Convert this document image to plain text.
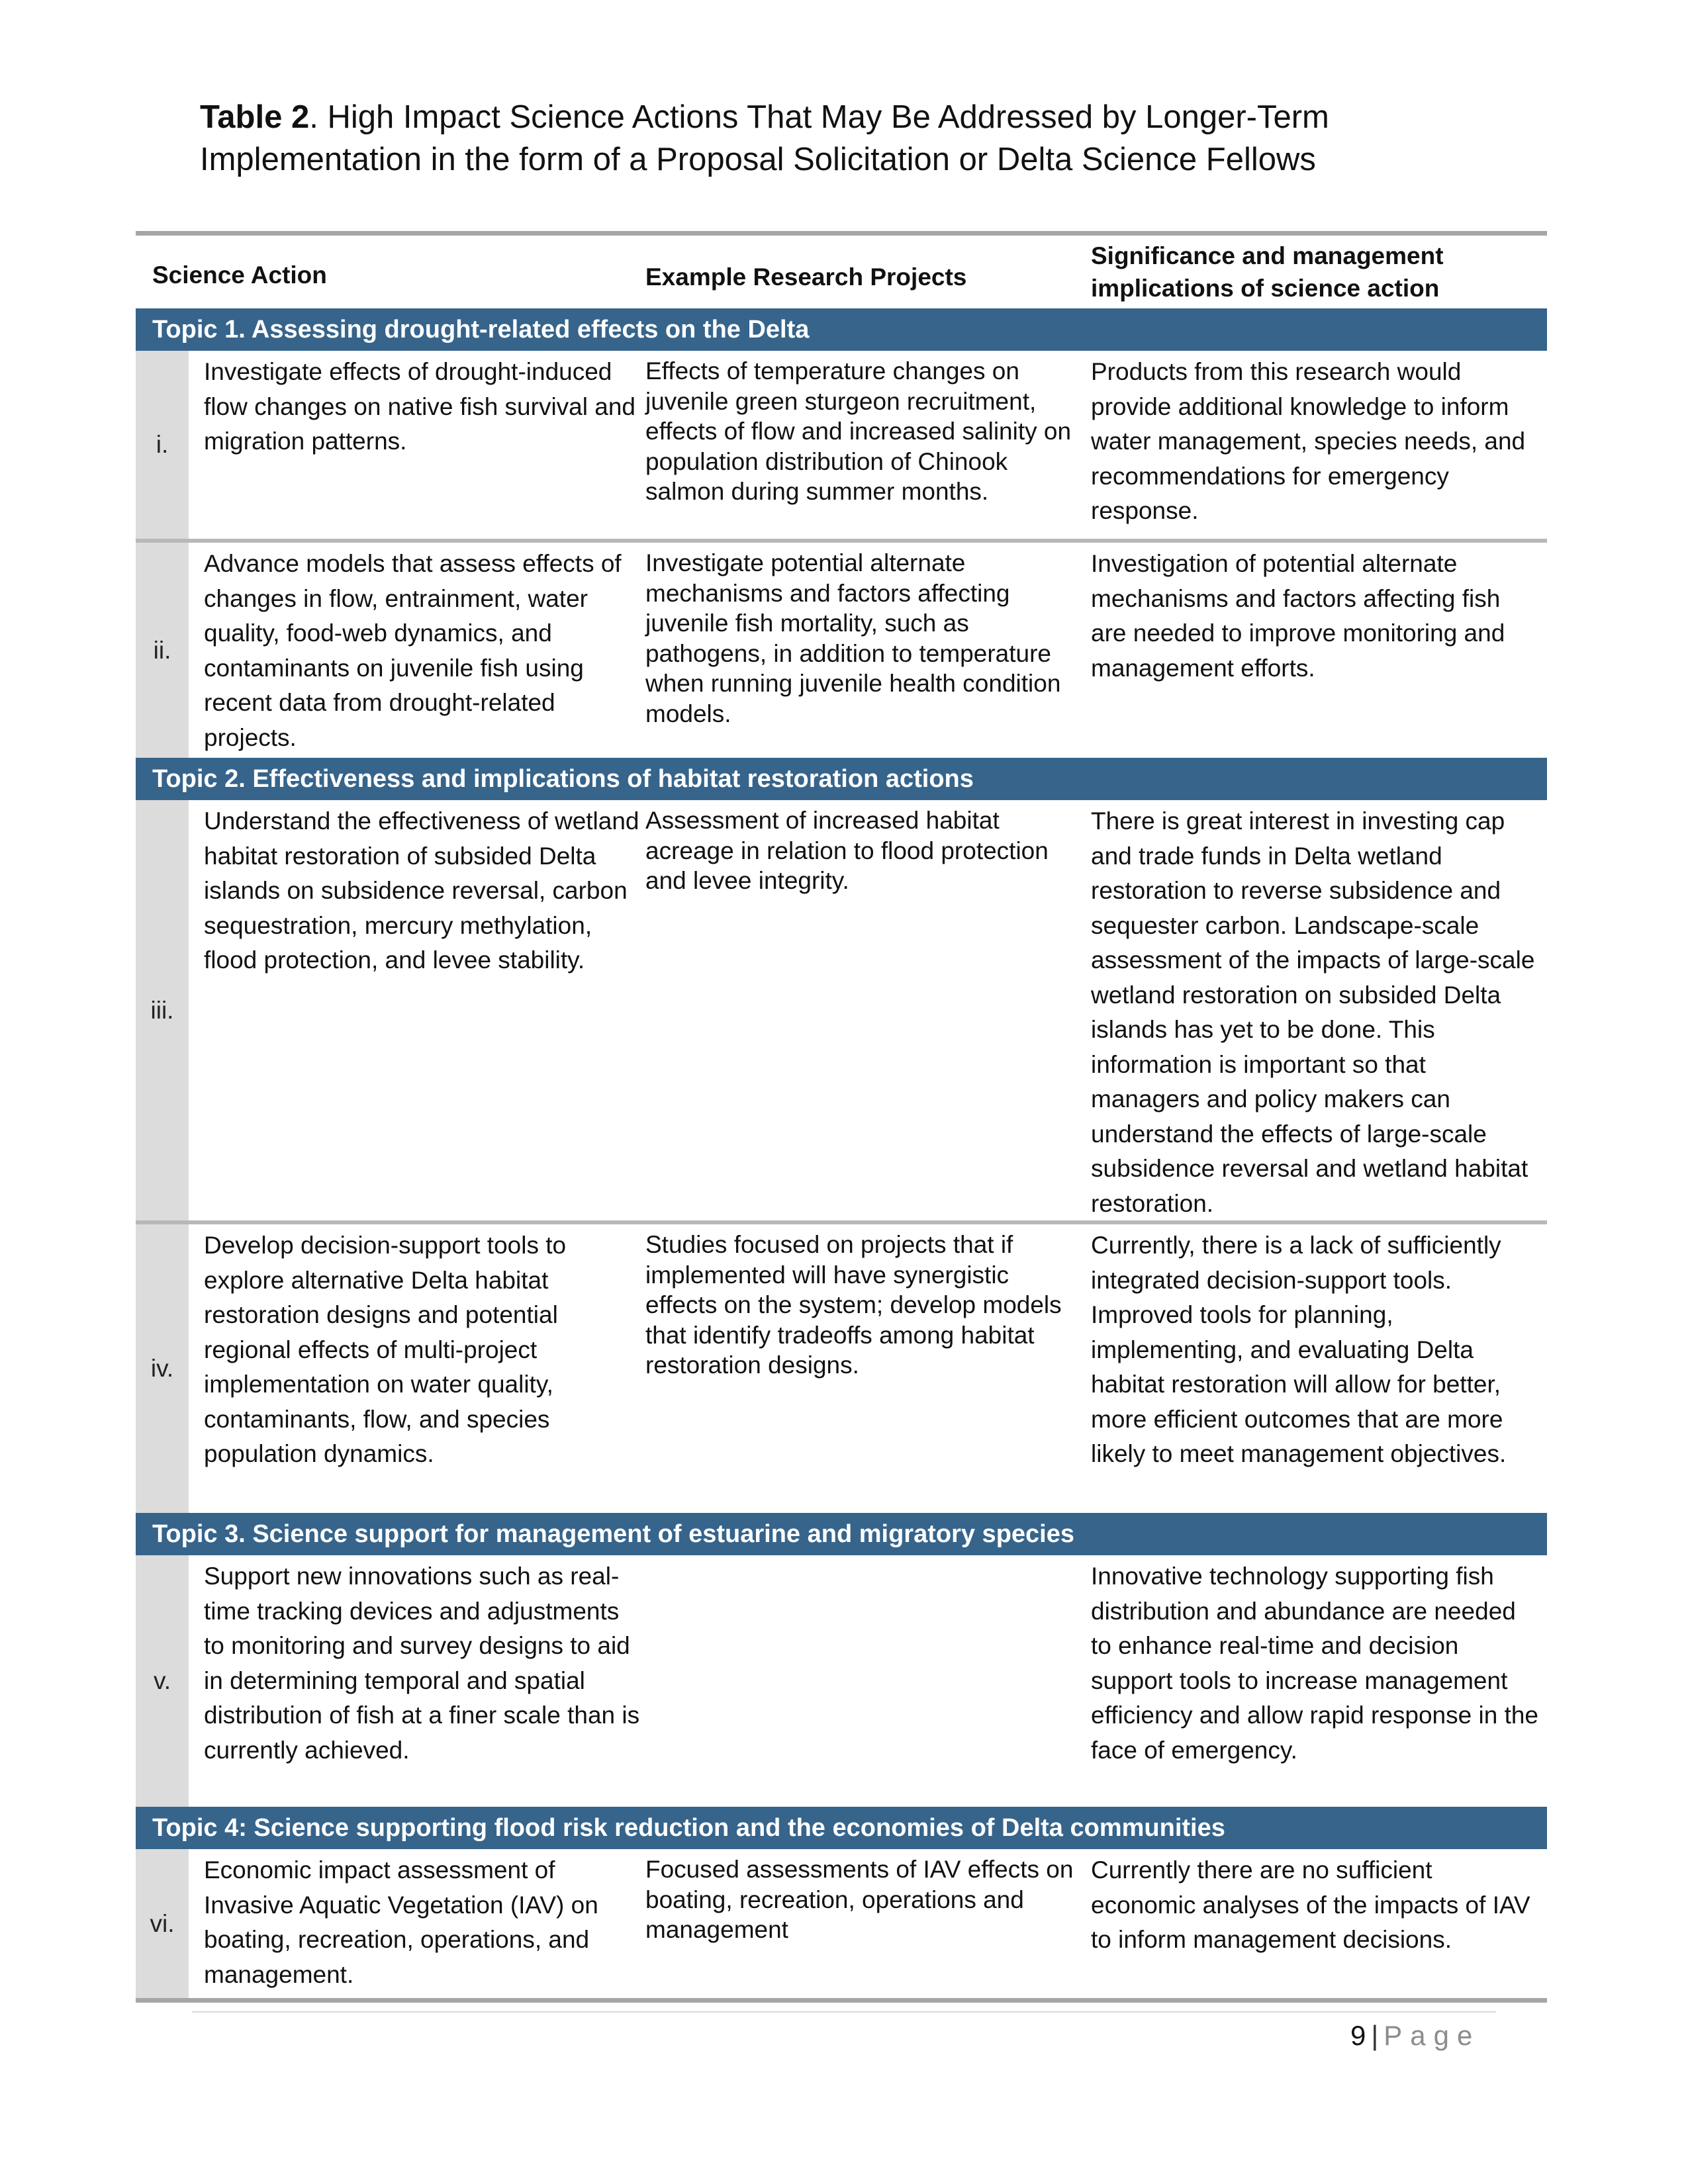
Table 2. High Impact Science Actions That May Be Addressed by Longer-Term Implementation in the form of a Proposal Solicitation or Delta Science Fellows
Science Action	Example Research Projects
Significance and management implications of science action
Topic 1. Assessing drought-related effects on the Delta
i.
Investigate effects of drought-induced flow changes on native fish survival and migration patterns.
Effects of temperature changes on juvenile green sturgeon recruitment, effects of flow and increased salinity on population distribution of Chinook salmon during summer months.
Products from this research would provide additional knowledge to inform water management, species needs, and recommendations for emergency response.
ii.
Advance models that assess effects of changes in flow, entrainment, water quality, food-web dynamics, and contaminants on juvenile fish using recent data from drought-related projects.
Investigate potential alternate mechanisms and factors affecting juvenile fish mortality, such as pathogens, in addition to temperature when running juvenile health condition models.
Investigation of potential alternate mechanisms and factors affecting fish are needed to improve monitoring and management efforts.
Topic 2. Effectiveness and implications of habitat restoration actions
iii.
Understand the effectiveness of wetland habitat restoration of subsided Delta islands on subsidence reversal, carbon sequestration, mercury methylation, flood protection, and levee stability.
Assessment of increased habitat acreage in relation to flood protection and levee integrity.
There is great interest in investing cap and trade funds in Delta wetland restoration to reverse subsidence and sequester carbon. Landscape-scale assessment of the impacts of large-scale wetland restoration on subsided Delta islands has yet to be done. This information is important so that managers and policy makers can understand the effects of large-scale subsidence reversal and wetland habitat restoration.
iv.
Develop decision-support tools to explore alternative Delta habitat restoration designs and potential regional effects of multi-project implementation on water quality, contaminants, flow, and species population dynamics.
Studies focused on projects that if implemented will have synergistic effects on the system; develop models that identify tradeoffs among habitat restoration designs.
Currently, there is a lack of sufficiently integrated decision-support tools. Improved tools for planning, implementing, and evaluating Delta habitat restoration will allow for better, more efficient outcomes that are more likely to meet management objectives.
Topic 3. Science support for management of estuarine and migratory species
v.
Support new innovations such as real-time tracking devices and adjustments to monitoring and survey designs to aid in determining temporal and spatial distribution of fish at a finer scale than is currently achieved.
Innovative technology supporting fish distribution and abundance are needed to enhance real-time and decision support tools to increase management efficiency and allow rapid response in the face of emergency.
Topic 4: Science supporting flood risk reduction and the economies of Delta communities
vi.
Economic impact assessment of Invasive Aquatic Vegetation (IAV) on boating, recreation, operations, and management.
Focused assessments of IAV effects on boating, recreation, operations and management
Currently there are no sufficient economic analyses of the impacts of IAV to inform management decisions.
9 | Page
